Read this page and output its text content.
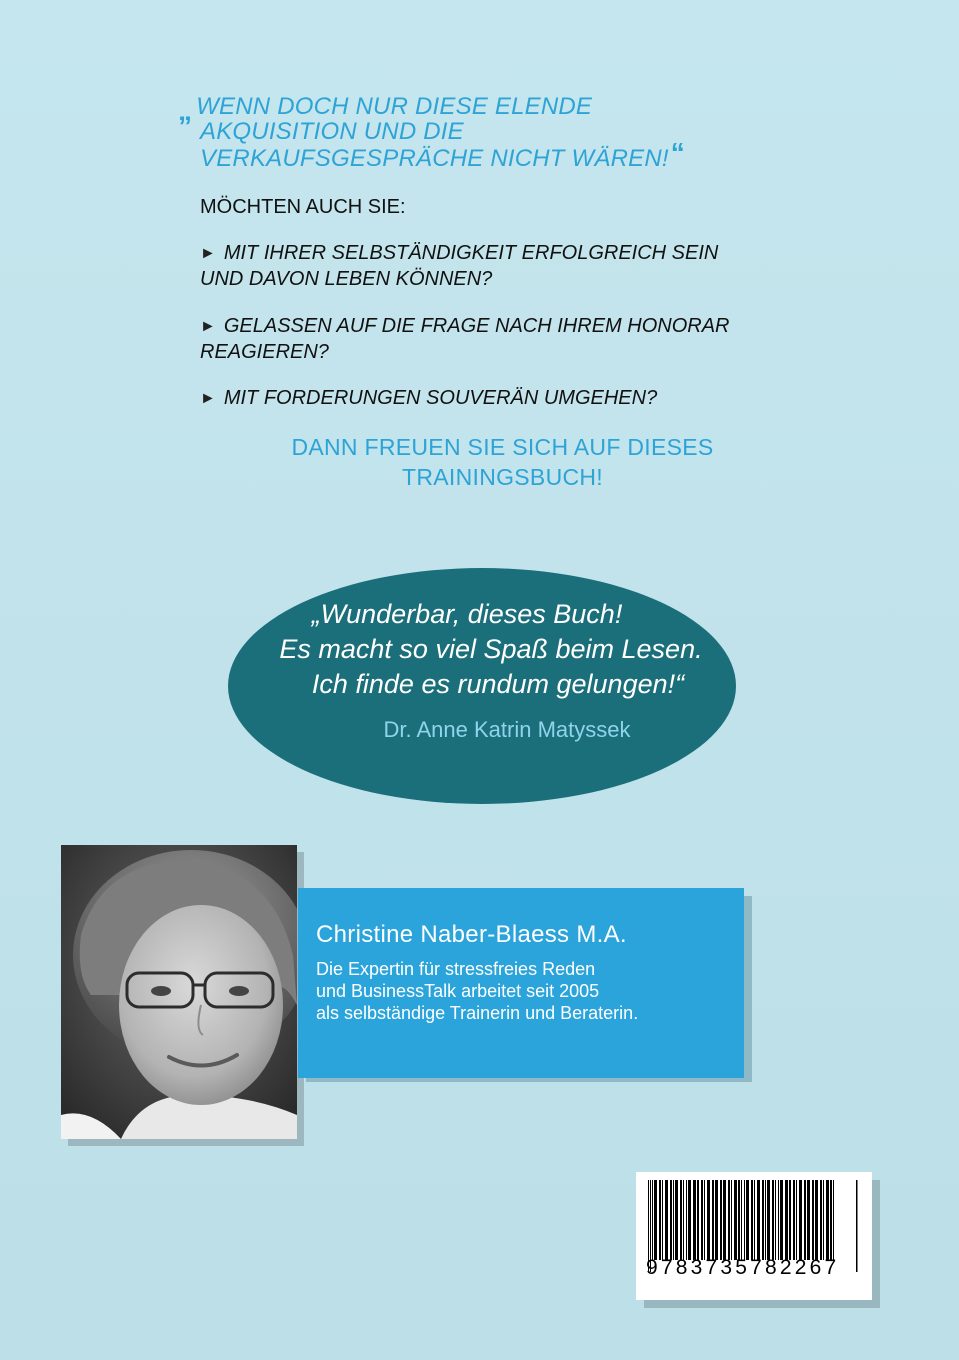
„ WENN DOCH NUR DIESE ELENDE
AKQUISITION UND DIE
VERKAUFSGESPRÄCHE NICHT WÄREN!“
MÖCHTEN AUCH SIE:
► MIT IHRER SELBSTÄNDIGKEIT ERFOLGREICH SEIN
UND DAVON LEBEN KÖNNEN?
► GELASSEN AUF DIE FRAGE NACH IHREM HONORAR
REAGIEREN?
► MIT FORDERUNGEN SOUVERÄN UMGEHEN?
DANN FREUEN SIE SICH AUF DIESES
TRAININGSBUCH!
„Wunderbar, dieses Buch!
Es macht so viel Spaß beim Lesen.
Ich finde es rundum gelungen!“
Dr. Anne Katrin Matyssek
Christine Naber-Blaess M.A.
Die Expertin für stressfreies Reden
und BusinessTalk arbeitet seit 2005
als selbständige Trainerin und Beraterin.
9783735782267
